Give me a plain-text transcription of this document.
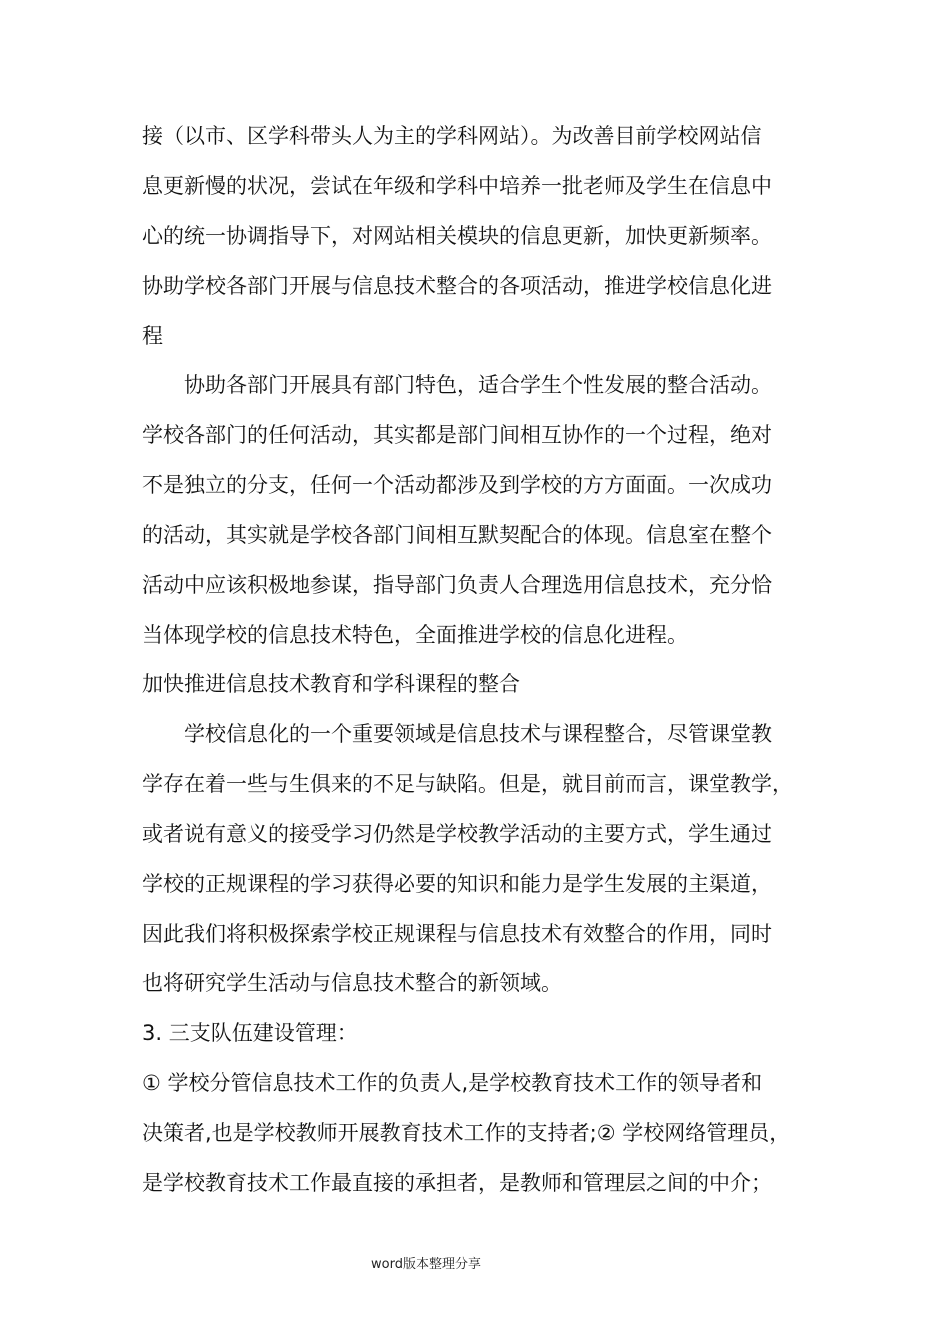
接（以市、区学科带头人为主的学科网站）。为改善目前学校网站信

息更新慢的状况，尝试在年级和学科中培养一批老师及学生在信息中

心的统一协调指导下，对网站相关模块的信息更新，加快更新频率。

协助学校各部门开展与信息技术整合的各项活动，推进学校信息化进

程

协助各部门开展具有部门特色，适合学生个性发展的整合活动。

学校各部门的任何活动，其实都是部门间相互协作的一个过程，绝对

不是独立的分支，任何一个活动都涉及到学校的方方面面。一次成功

的活动，其实就是学校各部门间相互默契配合的体现。信息室在整个

活动中应该积极地参谋，指导部门负责人合理选用信息技术，充分恰

当体现学校的信息技术特色，全面推进学校的信息化进程。

加快推进信息技术教育和学科课程的整合

学校信息化的一个重要领域是信息技术与课程整合，尽管课堂教

学存在着一些与生俱来的不足与缺陷。但是，就目前而言，课堂教学，

或者说有意义的接受学习仍然是学校教学活动的主要方式，学生通过

学校的正规课程的学习获得必要的知识和能力是学生发展的主渠道，

因此我们将积极探索学校正规课程与信息技术有效整合的作用，同时

也将研究学生活动与信息技术整合的新领域。

3. 三支队伍建设管理：

① 学校分管信息技术工作的负责人,是学校教育技术工作的领导者和

决策者,也是学校教师开展教育技术工作的支持者;② 学校网络管理员，

是学校教育技术工作最直接的承担者，是教师和管理层之间的中介；

word版本整理分享
